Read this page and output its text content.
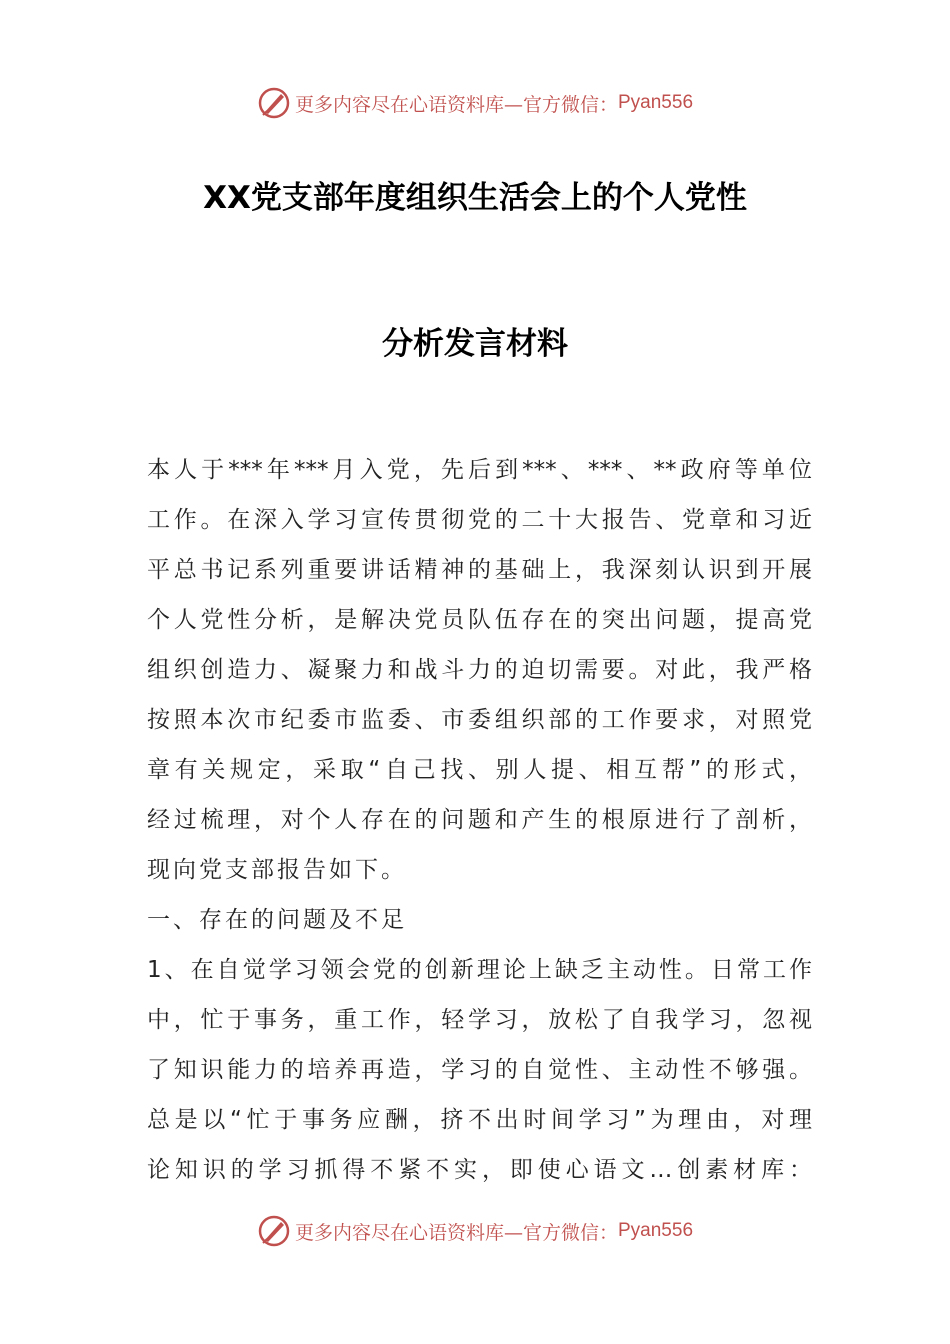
更多内容尽在心语资料库—官方微信： Pyan556
XX党支部年度组织生活会上的个人党性
分析发言材料
本人于***年***月入党，先后到***、***、**政府等单位
工作。在深入学习宣传贯彻党的二十大报告、党章和习近
平总书记系列重要讲话精神的基础上，我深刻认识到开展
个人党性分析，是解决党员队伍存在的突出问题，提高党
组织创造力、凝聚力和战斗力的迫切需要。对此，我严格
按照本次市纪委市监委、市委组织部的工作要求，对照党
章有关规定，采取“自己找、别人提、相互帮”的形式，
经过梳理，对个人存在的问题和产生的根原进行了剖析，
现向党支部报告如下。
一、存在的问题及不足
1、在自觉学习领会党的创新理论上缺乏主动性。日常工作
中，忙于事务，重工作，轻学习，放松了自我学习，忽视
了知识能力的培养再造，学习的自觉性、主动性不够强。
总是以“忙于事务应酬，挤不出时间学习”为理由，对理
论知识的学习抓得不紧不实，即使心语文…创素材库：
更多内容尽在心语资料库—官方微信： Pyan556
